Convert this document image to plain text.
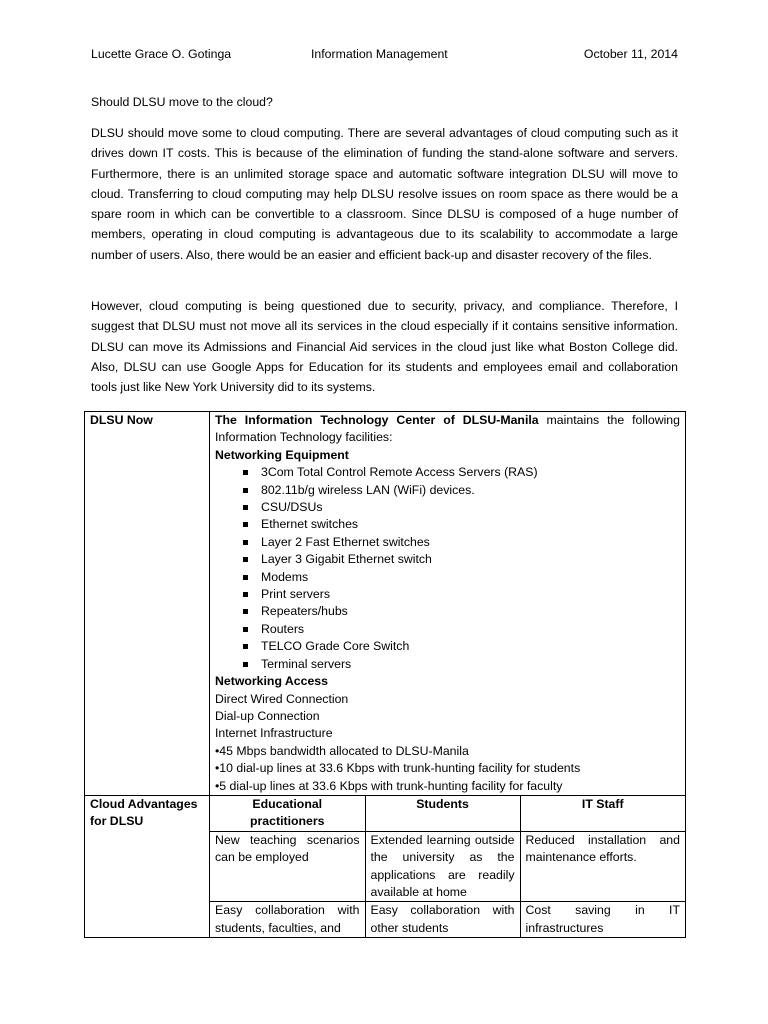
Lucette Grace O. Gotinga	Information Management	October 11, 2014
Should DLSU move to the cloud?

DLSU should move some to cloud computing. There are several advantages of cloud computing such as it drives down IT costs. This is because of the elimination of funding the stand-alone software and servers. Furthermore, there is an unlimited storage space and automatic software integration DLSU will move to cloud. Transferring to cloud computing may help DLSU resolve issues on room space as there would be a spare room in which can be convertible to a classroom. Since DLSU is composed of a huge number of members, operating in cloud computing is advantageous due to its scalability to accommodate a large number of users. Also, there would be an easier and efficient back-up and disaster recovery of the files.

However, cloud computing is being questioned due to security, privacy, and compliance. Therefore, I suggest that DLSU must not move all its services in the cloud especially if it contains sensitive information. DLSU can move its Admissions and Financial Aid services in the cloud just like what Boston College did. Also, DLSU can use Google Apps for Education for its students and employees email and collaboration tools just like New York University did to its systems.

DLSU Now	The Information Technology Center of DLSU-Manila maintains the following Information Technology facilities:
Networking Equipment
3Com Total Control Remote Access Servers (RAS)
802.11b/g wireless LAN (WiFi) devices.
CSU/DSUs
Ethernet switches
Layer 2 Fast Ethernet switches
Layer 3 Gigabit Ethernet switch
Modems
Print servers
Repeaters/hubs
Routers
TELCO Grade Core Switch
Terminal servers
Networking Access
Direct Wired Connection
Dial-up Connection
Internet Infrastructure
•45 Mbps bandwidth allocated to DLSU-Manila
•10 dial-up lines at 33.6 Kbps with trunk-hunting facility for students
•5 dial-up lines at 33.6 Kbps with trunk-hunting facility for faculty

Cloud Advantages for DLSU	
Educational practitioners	Students	IT Staff
New teaching scenarios can be employed	Extended learning outside the university as the applications are readily available at home	Reduced installation and maintenance efforts.
Easy collaboration with students, faculties, and	Easy collaboration with other students	Cost saving in IT infrastructures
